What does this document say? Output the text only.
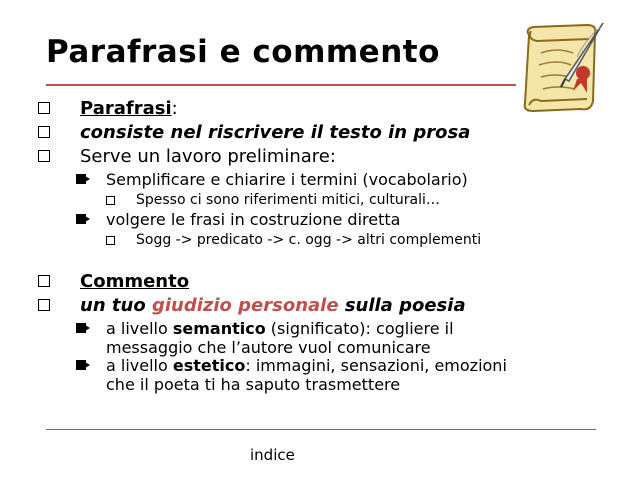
Parafrasi e commento
Parafrasi:
consiste nel riscrivere il testo in prosa
Serve un lavoro preliminare:
Semplificare e chiarire i termini (vocabolario)
Spesso ci sono riferimenti mitici, culturali…
volgere le frasi in costruzione diretta
Sogg -> predicato -> c. ogg -> altri complementi
Commento
un tuo giudizio personale sulla poesia
a livello semantico (significato): cogliere il
messaggio che l’autore vuol comunicare
a livello estetico: immagini, sensazioni, emozioni
che il poeta ti ha saputo trasmettere
indice
